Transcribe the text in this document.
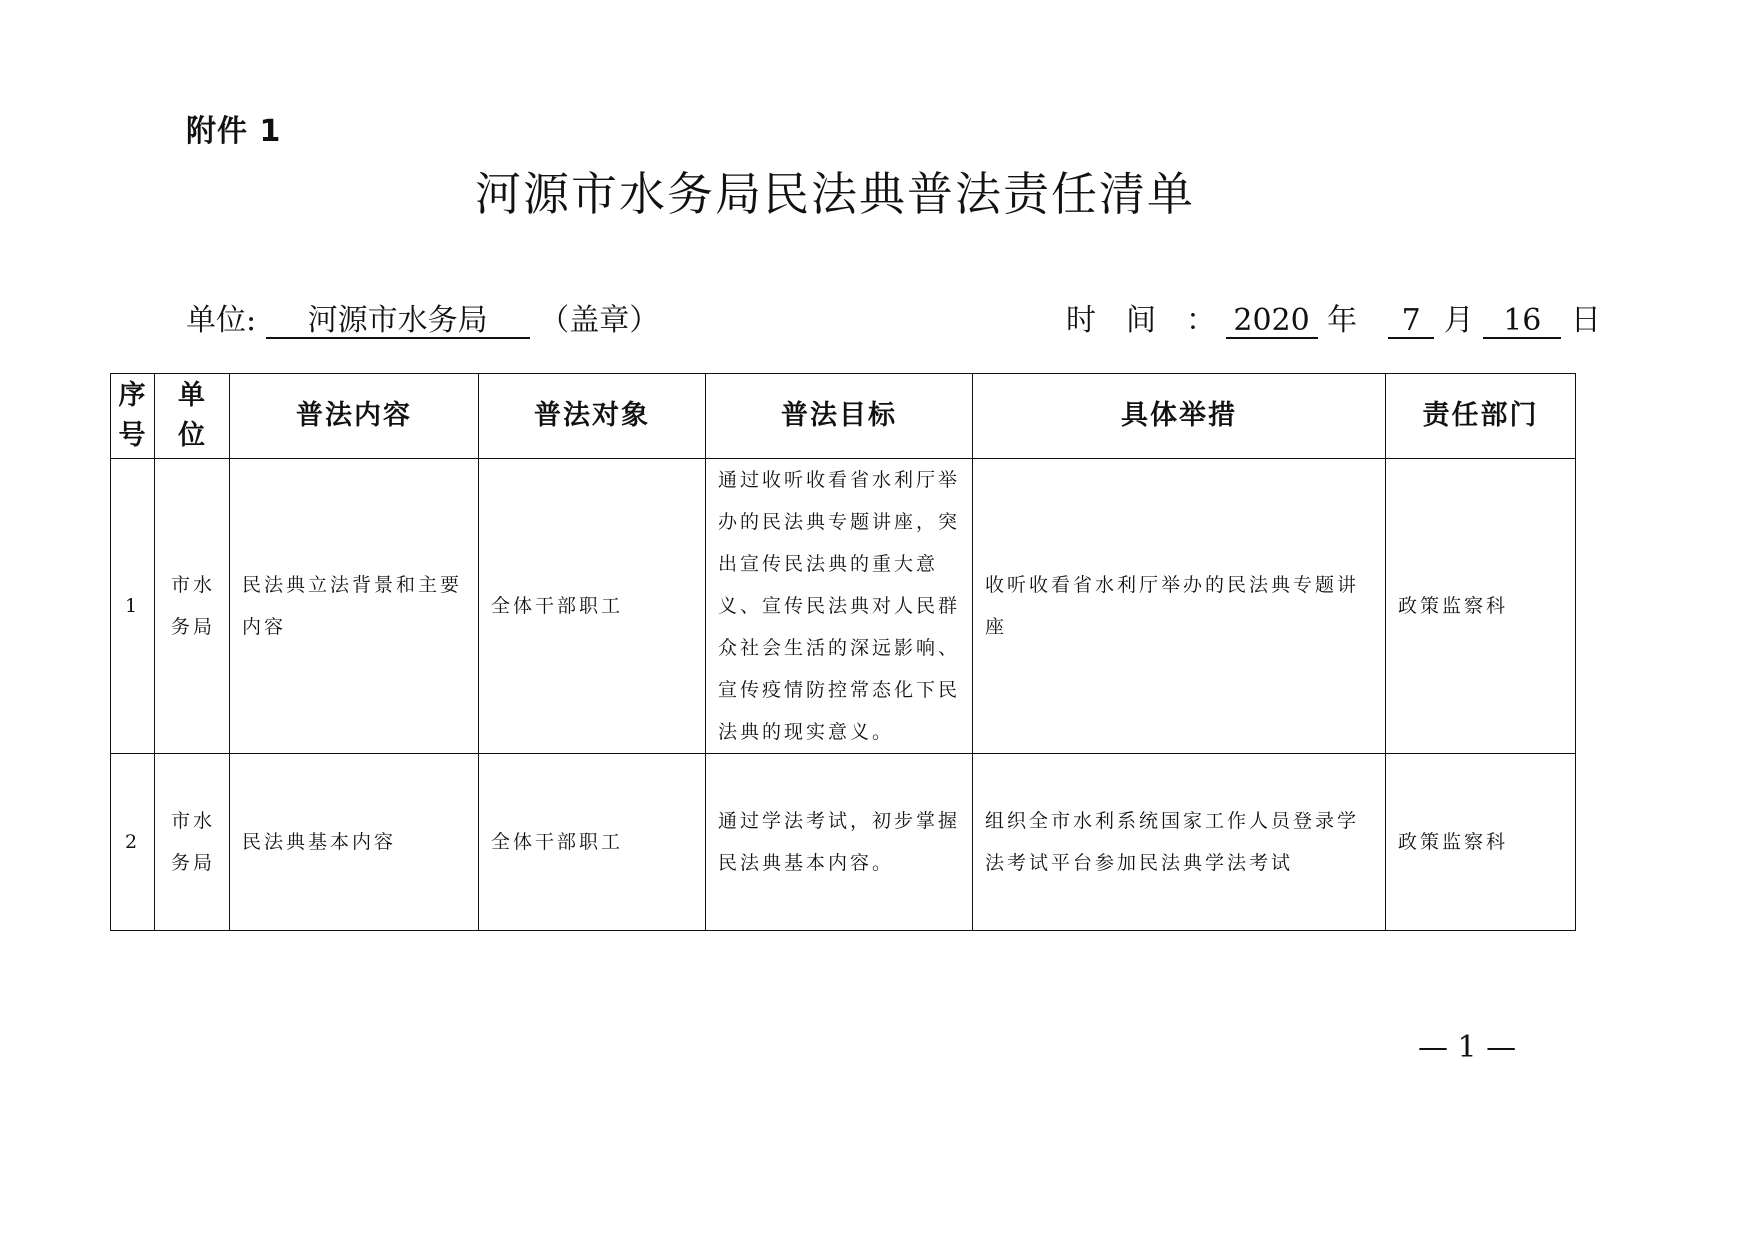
附件 1
河源市水务局民法典普法责任清单
单位: 河源市水务局 （盖章）	时　间　： 2020 年 7 月 16 日
序号	单位	普法内容	普法对象	普法目标	具体举措	责任部门
1	市水务局	民法典立法背景和主要内容	全体干部职工	通过收听收看省水利厅举办的民法典专题讲座，突出宣传民法典的重大意义、宣传民法典对人民群众社会生活的深远影响、宣传疫情防控常态化下民法典的现实意义。	收听收看省水利厅举办的民法典专题讲座	政策监察科
2	市水务局	民法典基本内容	全体干部职工	通过学法考试，初步掌握民法典基本内容。	组织全市水利系统国家工作人员登录学法考试平台参加民法典学法考试	政策监察科
— 1 —
